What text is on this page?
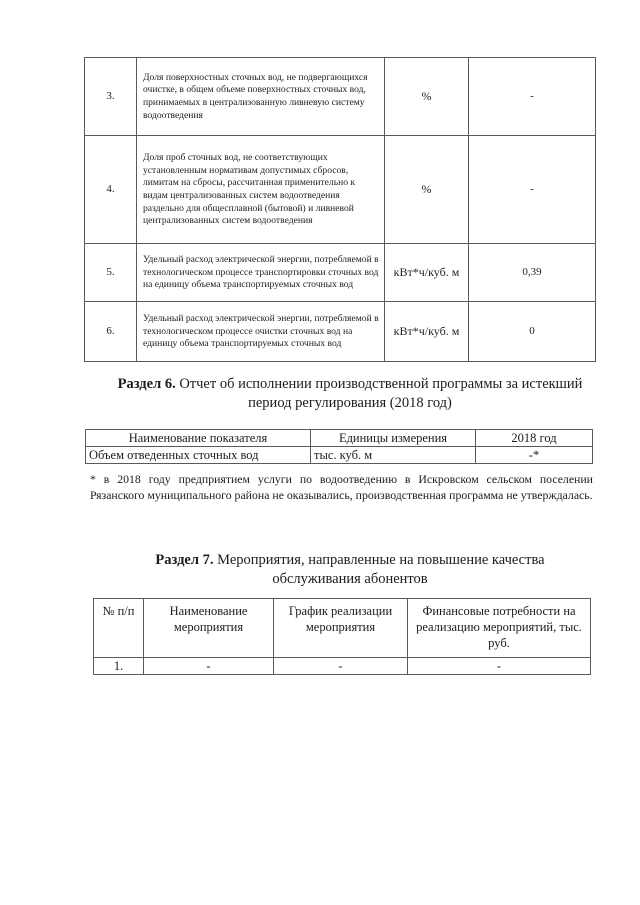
3.	Доля поверхностных сточных вод, не подвергающихся очистке, в общем объеме поверхностных сточных вод, принимаемых в централизованную ливневую систему водоотведения	%	-
4.	Доля проб сточных вод, не соответствующих установленным нормативам допустимых сбросов, лимитам на сбросы, рассчитанная применительно к видам централизованных систем водоотведения раздельно для общесплавной (бытовой) и ливневой централизованных систем водоотведения	%	-
5.	Удельный расход электрической энергии, потребляемой в технологическом процессе транспортировки сточных вод на единицу объема транспортируемых сточных вод	кВт*ч/куб. м	0,39
6.	Удельный расход электрической энергии, потребляемой в технологическом процессе очистки сточных вод на единицу объема транспортируемых сточных вод	кВт*ч/куб. м	0
Раздел 6. Отчет об исполнении производственной программы за истекший
период регулирования (2018 год)
Наименование показателя	Единицы измерения	2018 год
Объем отведенных сточных вод	тыс. куб. м	-*
* в 2018 году предприятием услуги по водоотведению в Искровском сельском поселении Рязанского муниципального района не оказывались, производственная программа не утверждалась.
Раздел 7. Мероприятия, направленные на повышение качества
обслуживания абонентов
№ п/п	Наименование мероприятия	График реализации мероприятия	Финансовые потребности на реализацию мероприятий, тыс. руб.
1.	-	-	-
